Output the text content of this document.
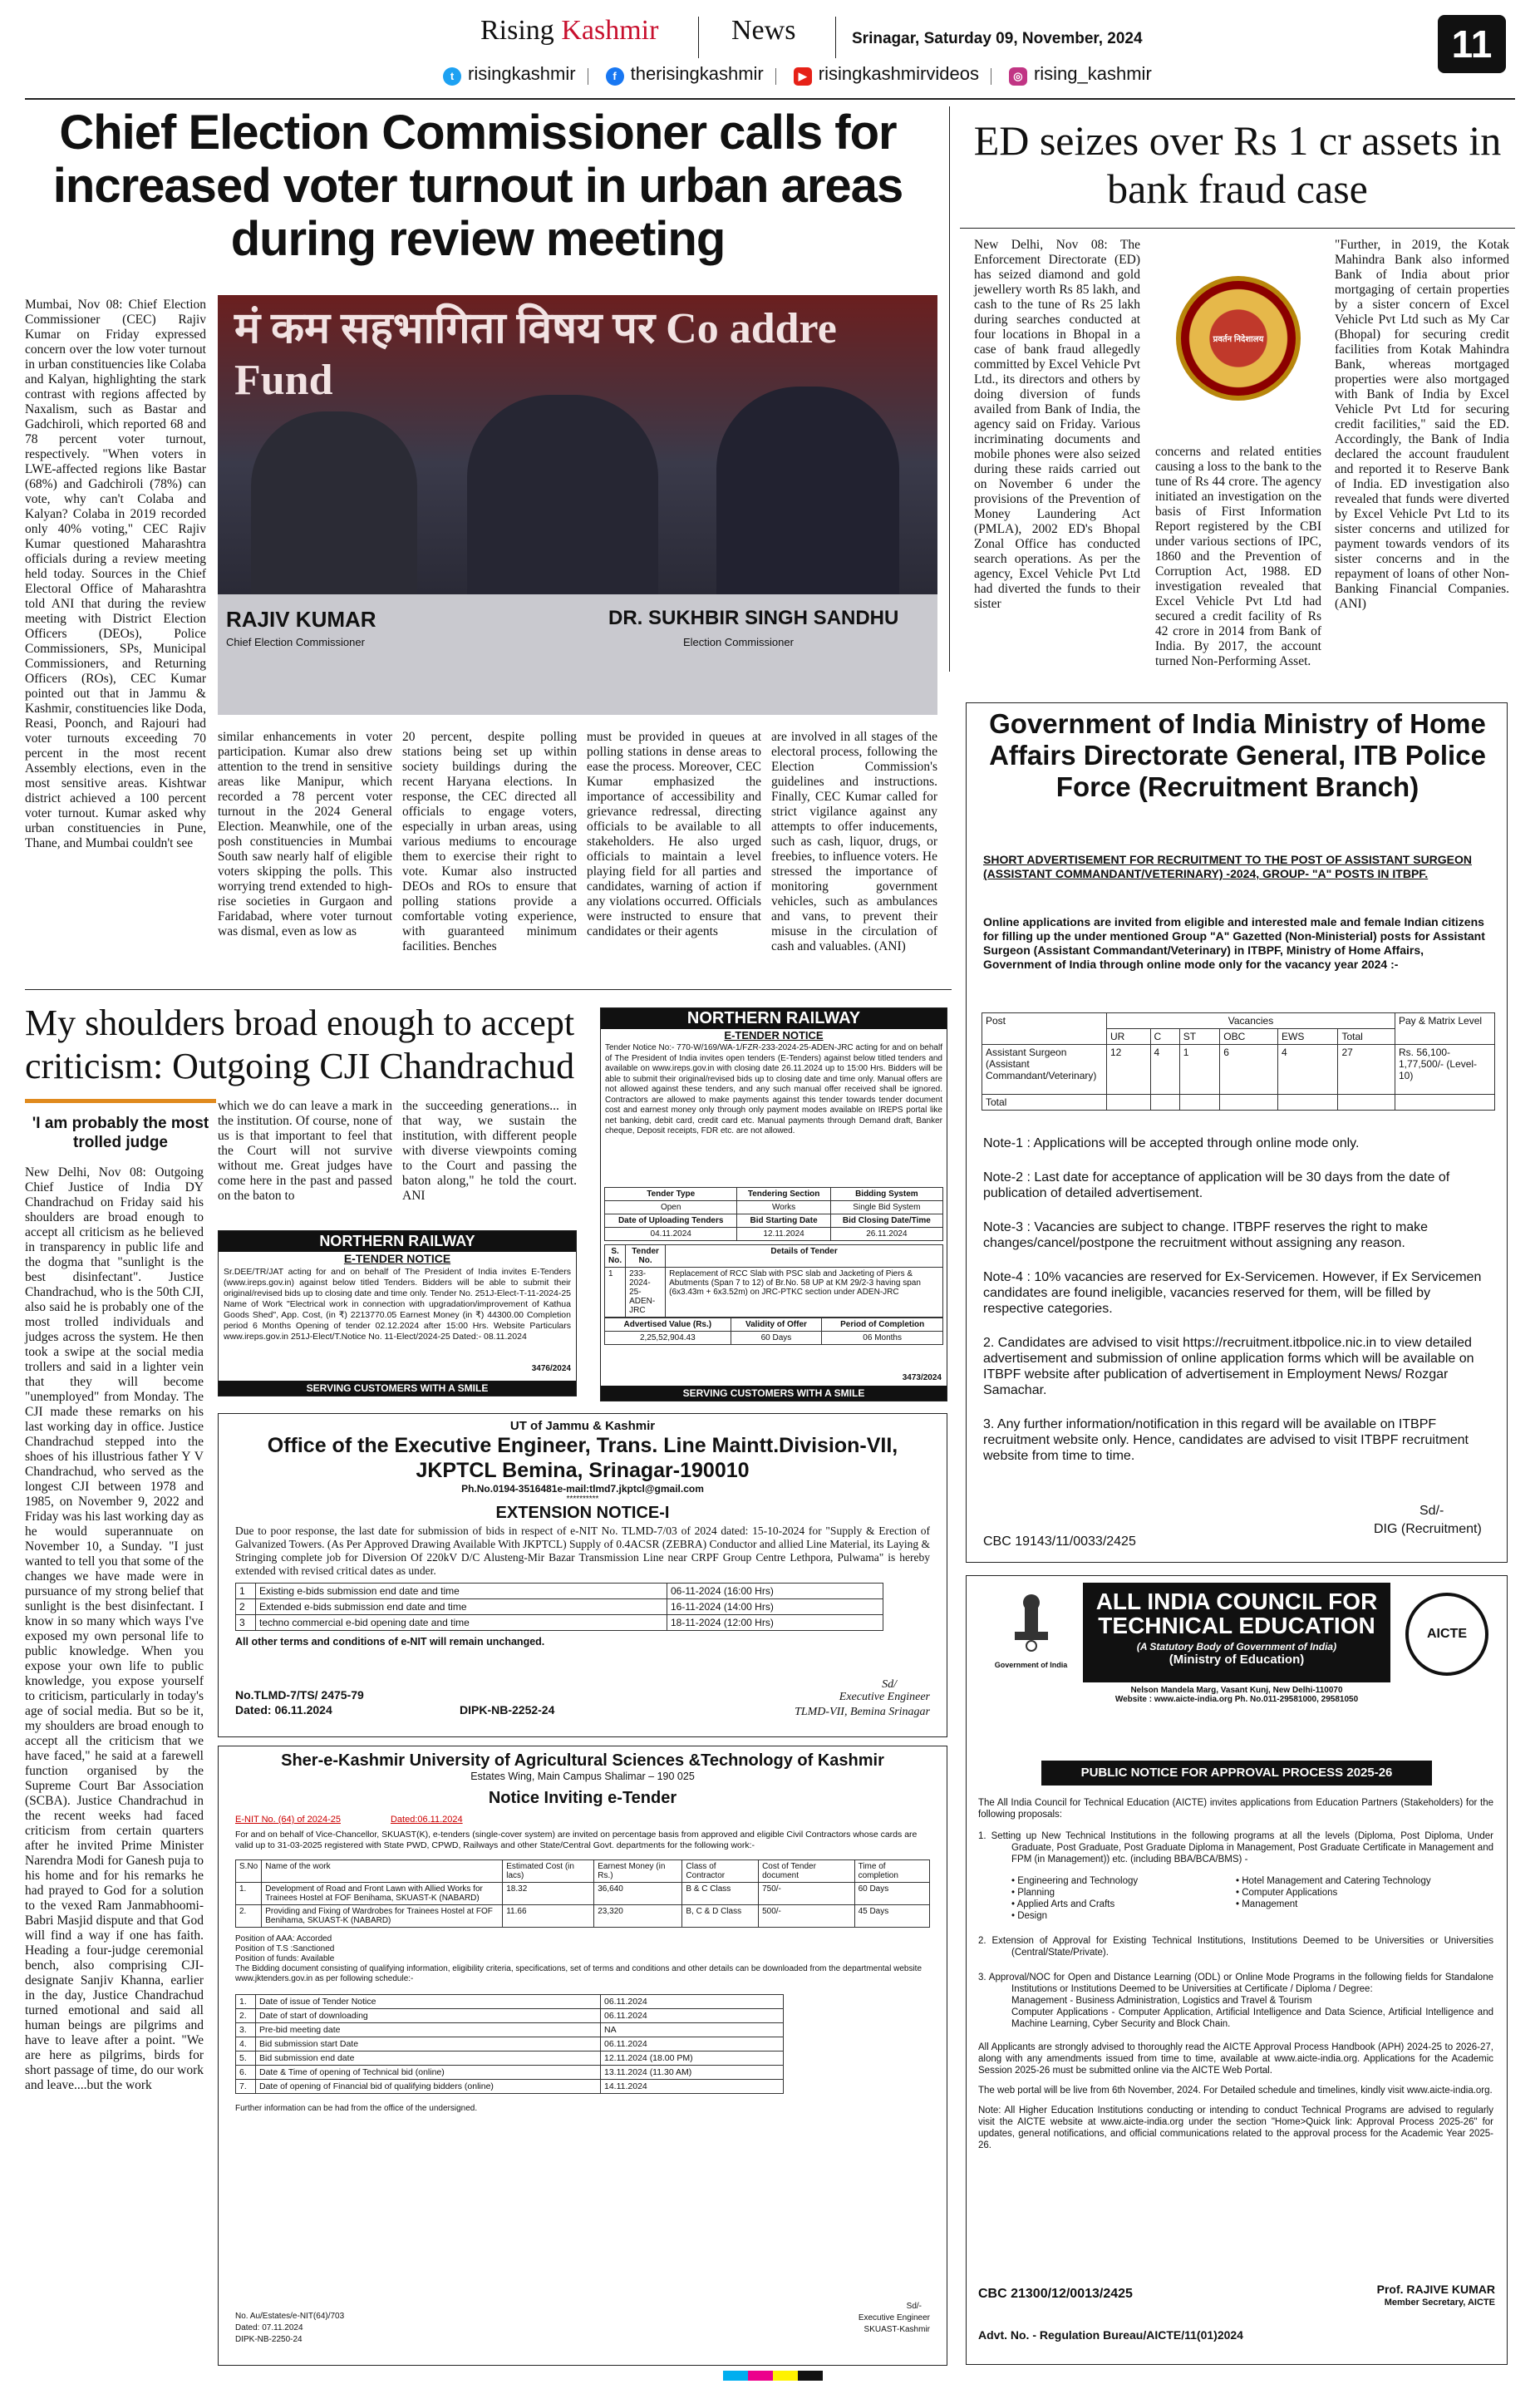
Rising Kashmir	News	Srinagar, Saturday 09, November, 2024	11
t risingkashmir	f therisingkashmir	▶ risingkashmirvideos	◎ rising_kashmir
Chief Election Commissioner calls for increased voter turnout in urban areas during review meeting
Mumbai, Nov 08: Chief Election Commissioner (CEC) Rajiv Kumar on Friday expressed concern over the low voter turnout in urban constituencies like Colaba and Kalyan, highlighting the stark contrast with regions affected by Naxalism, such as Bastar and Gadchiroli, which reported 68 and 78 percent voter turnout, respectively. "When voters in LWE-affected regions like Bastar (68%) and Gadchiroli (78%) can vote, why can't Colaba and Kalyan? Colaba in 2019 recorded only 40% voting," CEC Rajiv Kumar questioned Maharashtra officials during a review meeting held today. Sources in the Chief Electoral Office of Maharashtra told ANI that during the review meeting with District Election Officers (DEOs), Police Commissioners, SPs, Municipal Commissioners, and Returning Officers (ROs), CEC Kumar pointed out that in Jammu & Kashmir, constituencies like Doda, Reasi, Poonch, and Rajouri had voter turnouts exceeding 70 percent in the most recent Assembly elections, even in the most sensitive areas. Kishtwar district achieved a 100 percent voter turnout. Kumar asked why urban constituencies in Pune, Thane, and Mumbai couldn't see
मं कम सहभागिता विषय पर Co addre Fund
RAJIV KUMAR
Chief Election Commissioner
DR. SUKHBIR SINGH SANDHU
Election Commissioner
similar enhancements in voter participation. Kumar also drew attention to the trend in sensitive areas like Manipur, which recorded a 78 percent voter turnout in the 2024 General Election. Meanwhile, one of the posh constituencies in Mumbai South saw nearly half of eligible voters skipping the polls. This worrying trend extended to high-rise societies in Gurgaon and Faridabad, where voter turnout was dismal, even as low as
20 percent, despite polling stations being set up within society buildings during the recent Haryana elections. In response, the CEC directed all officials to engage voters, especially in urban areas, using various mediums to encourage them to exercise their right to vote. Kumar also instructed DEOs and ROs to ensure that polling stations provide a comfortable voting experience, with guaranteed minimum facilities. Benches
must be provided in queues at polling stations in dense areas to ease the process. Moreover, CEC Kumar emphasized the importance of accessibility and grievance redressal, directing officials to be available to all stakeholders. He also urged officials to maintain a level playing field for all parties and candidates, warning of action if any violations occurred. Officials were instructed to ensure that candidates or their agents
are involved in all stages of the electoral process, following the Election Commission's guidelines and instructions. Finally, CEC Kumar called for strict vigilance against any attempts to offer inducements, such as cash, liquor, drugs, or freebies, to influence voters. He stressed the importance of monitoring government vehicles, such as ambulances and vans, to prevent their misuse in the circulation of cash and valuables. (ANI)
ED seizes over Rs 1 cr assets in bank fraud case
New Delhi, Nov 08: The Enforcement Directorate (ED) has seized diamond and gold jewellery worth Rs 85 lakh, and cash to the tune of Rs 25 lakh during searches conducted at four locations in Bhopal in a case of bank fraud allegedly committed by Excel Vehicle Pvt Ltd., its directors and others by doing diversion of funds availed from Bank of India, the agency said on Friday. Various incriminating documents and mobile phones were also seized during these raids carried out on November 6 under the provisions of the Prevention of Money Laundering Act (PMLA), 2002 ED's Bhopal Zonal Office has conducted search operations. As per the agency, Excel Vehicle Pvt Ltd had diverted the funds to their sister
प्रवर्तन निदेशालय
concerns and related entities causing a loss to the bank to the tune of Rs 44 crore. The agency initiated an investigation on the basis of First Information Report registered by the CBI under various sections of IPC, 1860 and the Prevention of Corruption Act, 1988. ED investigation revealed that Excel Vehicle Pvt Ltd had secured a credit facility of Rs 42 crore in 2014 from Bank of India. By 2017, the account turned Non-Performing Asset.
"Further, in 2019, the Kotak Mahindra Bank also informed Bank of India about prior mortgaging of certain properties by a sister concern of Excel Vehicle Pvt Ltd such as My Car (Bhopal) for securing credit facilities from Kotak Mahindra Bank, whereas mortgaged properties were also mortgaged with Bank of India by Excel Vehicle Pvt Ltd for securing credit facilities," said the ED. Accordingly, the Bank of India declared the account fraudulent and reported it to Reserve Bank of India. ED investigation also revealed that funds were diverted by Excel Vehicle Pvt Ltd to its sister concerns and utilized for payment towards vendors of its sister concerns and in the repayment of loans of other Non-Banking Financial Companies. (ANI)
Government of India Ministry of Home Affairs Directorate General, ITB Police Force (Recruitment Branch)
SHORT ADVERTISEMENT FOR RECRUITMENT TO THE POST OF ASSISTANT SURGEON (ASSISTANT COMMANDANT/VETERINARY) -2024, GROUP- "A" POSTS IN ITBPF.
Online applications are invited from eligible and interested male and female Indian citizens for filling up the under mentioned Group "A" Gazetted (Non-Ministerial) posts for Assistant Surgeon (Assistant Commandant/Veterinary) in ITBPF, Ministry of Home Affairs, Government of India through online mode only for the vacancy year 2024 :-
Post	Vacancies						Pay & Matrix Level
	UR	C	ST	OBC	EWS	Total	
Assistant Surgeon (Assistant Commandant/Veterinary)	12	4	1	6	4	27	Rs. 56,100-1,77,500/- (Level-10)
Total							

Note-1 : Applications will be accepted through online mode only.

Note-2 : Last date for acceptance of application will be 30 days from the date of publication of detailed advertisement.

Note-3 : Vacancies are subject to change. ITBPF reserves the right to make changes/cancel/postpone the recruitment without assigning any reason.

Note-4 : 10% vacancies are reserved for Ex-Servicemen. However, if Ex Servicemen candidates are found ineligible, vacancies reserved for them, will be filled by respective categories.

2. Candidates are advised to visit https://recruitment.itbpolice.nic.in to view detailed advertisement and submission of online application forms which will be available on ITBPF website after publication of advertisement in Employment News/ Rozgar Samachar.

3. Any further information/notification in this regard will be available on ITBPF recruitment website only. Hence, candidates are advised to visit ITBPF recruitment website from time to time.

Sd/-
DIG (Recruitment)
CBC 19143/11/0033/2425
My shoulders broad enough to accept criticism: Outgoing CJI Chandrachud
'I am probably the most trolled judge
New Delhi, Nov 08: Outgoing Chief Justice of India DY Chandrachud on Friday said his shoulders are broad enough to accept all criticism as he believed in transparency in public life and the dogma that "sunlight is the best disinfectant". Justice Chandrachud, who is the 50th CJI, also said he is probably one of the most trolled individuals and judges across the system. He then took a swipe at the social media trollers and said in a lighter vein that they will become "unemployed" from Monday. The CJI made these remarks on his last working day in office. Justice Chandrachud stepped into the shoes of his illustrious father Y V Chandrachud, who served as the longest CJI between 1978 and 1985, on November 9, 2022 and Friday was his last working day as he would superannuate on November 10, a Sunday. "I just wanted to tell you that some of the changes we have made were in pursuance of my strong belief that sunlight is the best disinfectant. I know in so many which ways I've exposed my own personal life to public knowledge. When you expose your own life to public knowledge, you expose yourself to criticism, particularly in today's age of social media. But so be it, my shoulders are broad enough to accept all the criticism that we have faced," he said at a farewell function organised by the Supreme Court Bar Association (SCBA). Justice Chandrachud in the recent weeks had faced criticism from certain quarters after he invited Prime Minister Narendra Modi for Ganesh puja to his home and for his remarks he had prayed to God for a solution to the vexed Ram Janmabhoomi-Babri Masjid dispute and that God will find a way if one has faith. Heading a four-judge ceremonial bench, also comprising CJI-designate Sanjiv Khanna, earlier in the day, Justice Chandrachud turned emotional and said all human beings are pilgrims and have to leave after a point. "We are here as pilgrims, birds for short passage of time, do our work and leave....but the work
which we do can leave a mark in the institution. Of course, none of us is that important to feel that the Court will not survive without me. Great judges have come here in the past and passed on the baton to
the succeeding generations... in that way, we sustain the institution, with different people with diverse viewpoints coming to the Court and passing the baton along," he told the court. ANI
NORTHERN RAILWAY
E-TENDER NOTICE
Sr.DEE/TR/JAT acting for and on behalf of The President of India invites E-Tenders (www.ireps.gov.in) against below titled Tenders. Bidders will be able to submit their original/revised bids up to closing date and time only. Tender No. 251J-Elect-T-11-2024-25 Name of Work "Electrical work in connection with upgradation/improvement of Kathua Goods Shed", App. Cost, (in ₹) 2213770.05 Earnest Money (in ₹) 44300.00 Completion period 6 Months Opening of tender 02.12.2024 after 15:00 Hrs. Website Particulars www.ireps.gov.in 251J-Elect/T.Notice No. 11-Elect/2024-25 Dated:- 08.11.2024
3476/2024
SERVING CUSTOMERS WITH A SMILE
NORTHERN RAILWAY
E-TENDER NOTICE
Tender Notice No:- 770-W/169/WA-1/FZR-233-2024-25-ADEN-JRC acting for and on behalf of The President of India invites open tenders (E-Tenders) against below titled tenders and available on www.ireps.gov.in with closing date 26.11.2024 up to 15:00 Hrs. Bidders will be able to submit their original/revised bids up to closing date and time only. Manual offers are not allowed against these tenders, and any such manual offer received shall be ignored. Contractors are allowed to make payments against this tender towards tender document cost and earnest money only through only payment modes available on IREPS portal like net banking, debit card, credit card etc. Manual payments through Demand draft, Banker cheque, Deposit receipts, FDR etc. are not allowed.
Tender Type	Tendering Section	Bidding System
Open	Works	Single Bid System
Date of Uploading Tenders	Bid Starting Date	Bid Closing Date/Time
04.11.2024	12.11.2024	26.11.2024
S. No.	Tender No.	Details of Tender
1	233-2024-25-ADEN-JRC	Replacement of RCC Slab with PSC slab and Jacketing of Piers & Abutments (Span 7 to 12) of Br.No. 58 UP at KM 29/2-3 having span (6x3.43m + 6x3.52m) on JRC-PTKC section under ADEN-JRC
Advertised Value (Rs.)	Validity of Offer	Period of Completion
2,25,52,904.43	60 Days	06 Months
3473/2024
SERVING CUSTOMERS WITH A SMILE
UT of Jammu & Kashmir
Office of the Executive Engineer, Trans. Line Maintt.Division-VII, JKPTCL Bemina, Srinagar-190010
Ph.No.0194-3516481e-mail:tlmd7.jkptcl@gmail.com
**********
EXTENSION NOTICE-I
Due to poor response, the last date for submission of bids in respect of e-NIT No. TLMD-7/03 of 2024 dated: 15-10-2024 for "Supply & Erection of Galvanized Towers. (As Per Approved Drawing Available With JKPTCL) Supply of 0.4ACSR (ZEBRA) Conductor and allied Line Material, its Laying & Stringing complete job for Diversion Of 220kV D/C Alusteng-Mir Bazar Transmission Line near CRPF Group Centre Lethpora, Pulwama" is hereby extended with revised critical dates as under.
1	Existing e-bids submission end date and time	06-11-2024 (16:00 Hrs)
2	Extended e-bids submission end date and time	16-11-2024 (14:00 Hrs)
3	techno commercial e-bid opening date and time	18-11-2024 (12:00 Hrs)
All other terms and conditions of e-NIT will remain unchanged.
Sd/
No.TLMD-7/TS/ 2475-79
Dated: 06.11.2024	DIPK-NB-2252-24
Executive Engineer
TLMD-VII, Bemina Srinagar
Sher-e-Kashmir University of Agricultural Sciences &Technology of Kashmir
Estates Wing, Main Campus Shalimar – 190 025
Notice Inviting e-Tender
E-NIT No. (64) of 2024-25	Dated:06.11.2024
For and on behalf of Vice-Chancellor, SKUAST(K), e-tenders (single-cover system) are invited on percentage basis from approved and eligible Civil Contractors whose cards are valid up to 31-03-2025 registered with State PWD, CPWD, Railways and other State/Central Govt. departments for the following work:-
S.No	Name of the work	Estimated Cost (in lacs)	Earnest Money (in Rs.)	Class of Contractor	Cost of Tender document	Time of completion
1.	Development of Road and Front Lawn with Allied Works for Trainees Hostel at FOF Benihama, SKUAST-K (NABARD)	18.32	36,640	B & C Class	750/-	60 Days
2.	Providing and Fixing of Wardrobes for Trainees Hostel at FOF Benihama, SKUAST-K (NABARD)	11.66	23,320	B, C & D Class	500/-	45 Days
Position of AAA: Accorded
Position of T.S :Sanctioned
Position of funds: Available
The Bidding document consisting of qualifying information, eligibility criteria, specifications, set of terms and conditions and other details can be downloaded from the departmental website www.jktenders.gov.in as per following schedule:-
1.	Date of issue of Tender Notice	06.11.2024
2.	Date of start of downloading	06.11.2024
3.	Pre-bid meeting date	NA
4.	Bid submission start Date	06.11.2024
5.	Bid submission end date	12.11.2024 (18.00 PM)
6.	Date & Time of opening of Technical bid (online)	13.11.2024 (11.30 AM)
7.	Date of opening of Financial bid of qualifying bidders (online)	14.11.2024
Further information can be had from the office of the undersigned.
No. Au/Estates/e-NIT(64)/703
Dated: 07.11.2024
DIPK-NB-2250-24
Sd/-
Executive Engineer
SKUAST-Kashmir
Government of India
ALL INDIA COUNCIL FOR TECHNICAL EDUCATION
(A Statutory Body of Government of India)
(Ministry of Education)
Nelson Mandela Marg, Vasant Kunj, New Delhi-110070
Website : www.aicte-india.org Ph. No.011-29581000, 29581050
AICTE
PUBLIC NOTICE FOR APPROVAL PROCESS 2025-26

The All India Council for Technical Education (AICTE) invites applications from Education Partners (Stakeholders) for the following proposals:

1. Setting up New Technical Institutions in the following programs at all the levels (Diploma, Post Diploma, Under Graduate, Post Graduate, Post Graduate Diploma in Management, Post Graduate Certificate in Management and FPM (in Management)) etc. (including BBA/BCA/BMS) -

• Engineering and Technology

• Planning

• Applied Arts and Crafts

• Design

• Hotel Management and Catering Technology

• Computer Applications

• Management

2. Extension of Approval for Existing Technical Institutions, Institutions Deemed to be Universities or Universities (Central/State/Private).

3. Approval/NOC for Open and Distance Learning (ODL) or Online Mode Programs in the following fields for Standalone Institutions or Institutions Deemed to be Universities at Certificate / Diploma / Degree:

Management - Business Administration, Logistics and Travel & Tourism

Computer Applications - Computer Application, Artificial Intelligence and Data Science, Artificial Intelligence and Machine Learning, Cyber Security and Block Chain.

All Applicants are strongly advised to thoroughly read the AICTE Approval Process Handbook (APH) 2024-25 to 2026-27, along with any amendments issued from time to time, available at www.aicte-india.org. Applications for the Academic Session 2025-26 must be submitted online via the AICTE Web Portal.

The web portal will be live from 6th November, 2024. For Detailed schedule and timelines, kindly visit www.aicte-india.org.

Note: All Higher Education Institutions conducting or intending to conduct Technical Programs are advised to regularly visit the AICTE website at www.aicte-india.org under the section "Home>Quick link: Approval Process 2025-26" for updates, general notifications, and official communications related to the approval process for the Academic Year 2025-26.

CBC 21300/12/0013/2425	Prof. RAJIVE KUMAR
Member Secretary, AICTE
Advt. No. - Regulation Bureau/AICTE/11(01)2024
